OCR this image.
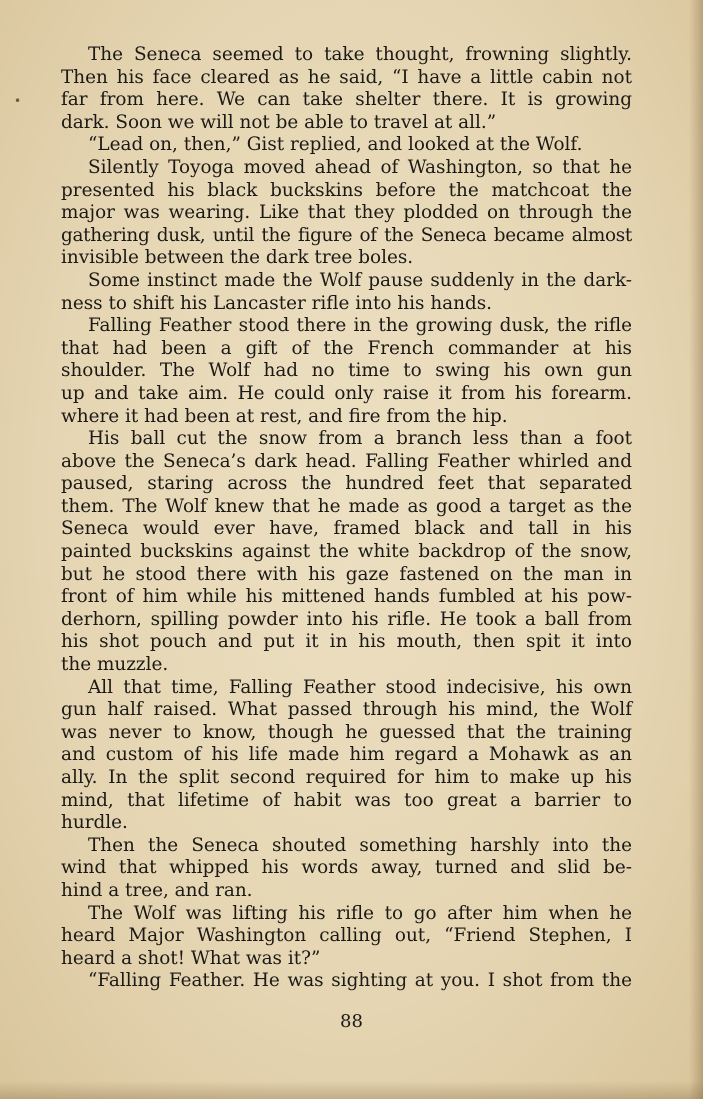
•
The Seneca seemed to take thought, frowning slightly.
Then his face cleared as he said, “I have a little cabin not
far from here. We can take shelter there. It is growing
dark. Soon we will not be able to travel at all.”
“Lead on, then,” Gist replied, and looked at the Wolf.
Silently Toyoga moved ahead of Washington, so that he
presented his black buckskins before the matchcoat the
major was wearing. Like that they plodded on through the
gathering dusk, until the figure of the Seneca became almost
invisible between the dark tree boles.
Some instinct made the Wolf pause suddenly in the dark-
ness to shift his Lancaster rifle into his hands.
Falling Feather stood there in the growing dusk, the rifle
that had been a gift of the French commander at his
shoulder. The Wolf had no time to swing his own gun
up and take aim. He could only raise it from his forearm.
where it had been at rest, and fire from the hip.
His ball cut the snow from a branch less than a foot
above the Seneca’s dark head. Falling Feather whirled and
paused, staring across the hundred feet that separated
them. The Wolf knew that he made as good a target as the
Seneca would ever have, framed black and tall in his
painted buckskins against the white backdrop of the snow,
but he stood there with his gaze fastened on the man in
front of him while his mittened hands fumbled at his pow-
derhorn, spilling powder into his rifle. He took a ball from
his shot pouch and put it in his mouth, then spit it into
the muzzle.
All that time, Falling Feather stood indecisive, his own
gun half raised. What passed through his mind, the Wolf
was never to know, though he guessed that the training
and custom of his life made him regard a Mohawk as an
ally. In the split second required for him to make up his
mind, that lifetime of habit was too great a barrier to
hurdle.
Then the Seneca shouted something harshly into the
wind that whipped his words away, turned and slid be-
hind a tree, and ran.
The Wolf was lifting his rifle to go after him when he
heard Major Washington calling out, “Friend Stephen, I
heard a shot! What was it?”
“Falling Feather. He was sighting at you. I shot from the
88
